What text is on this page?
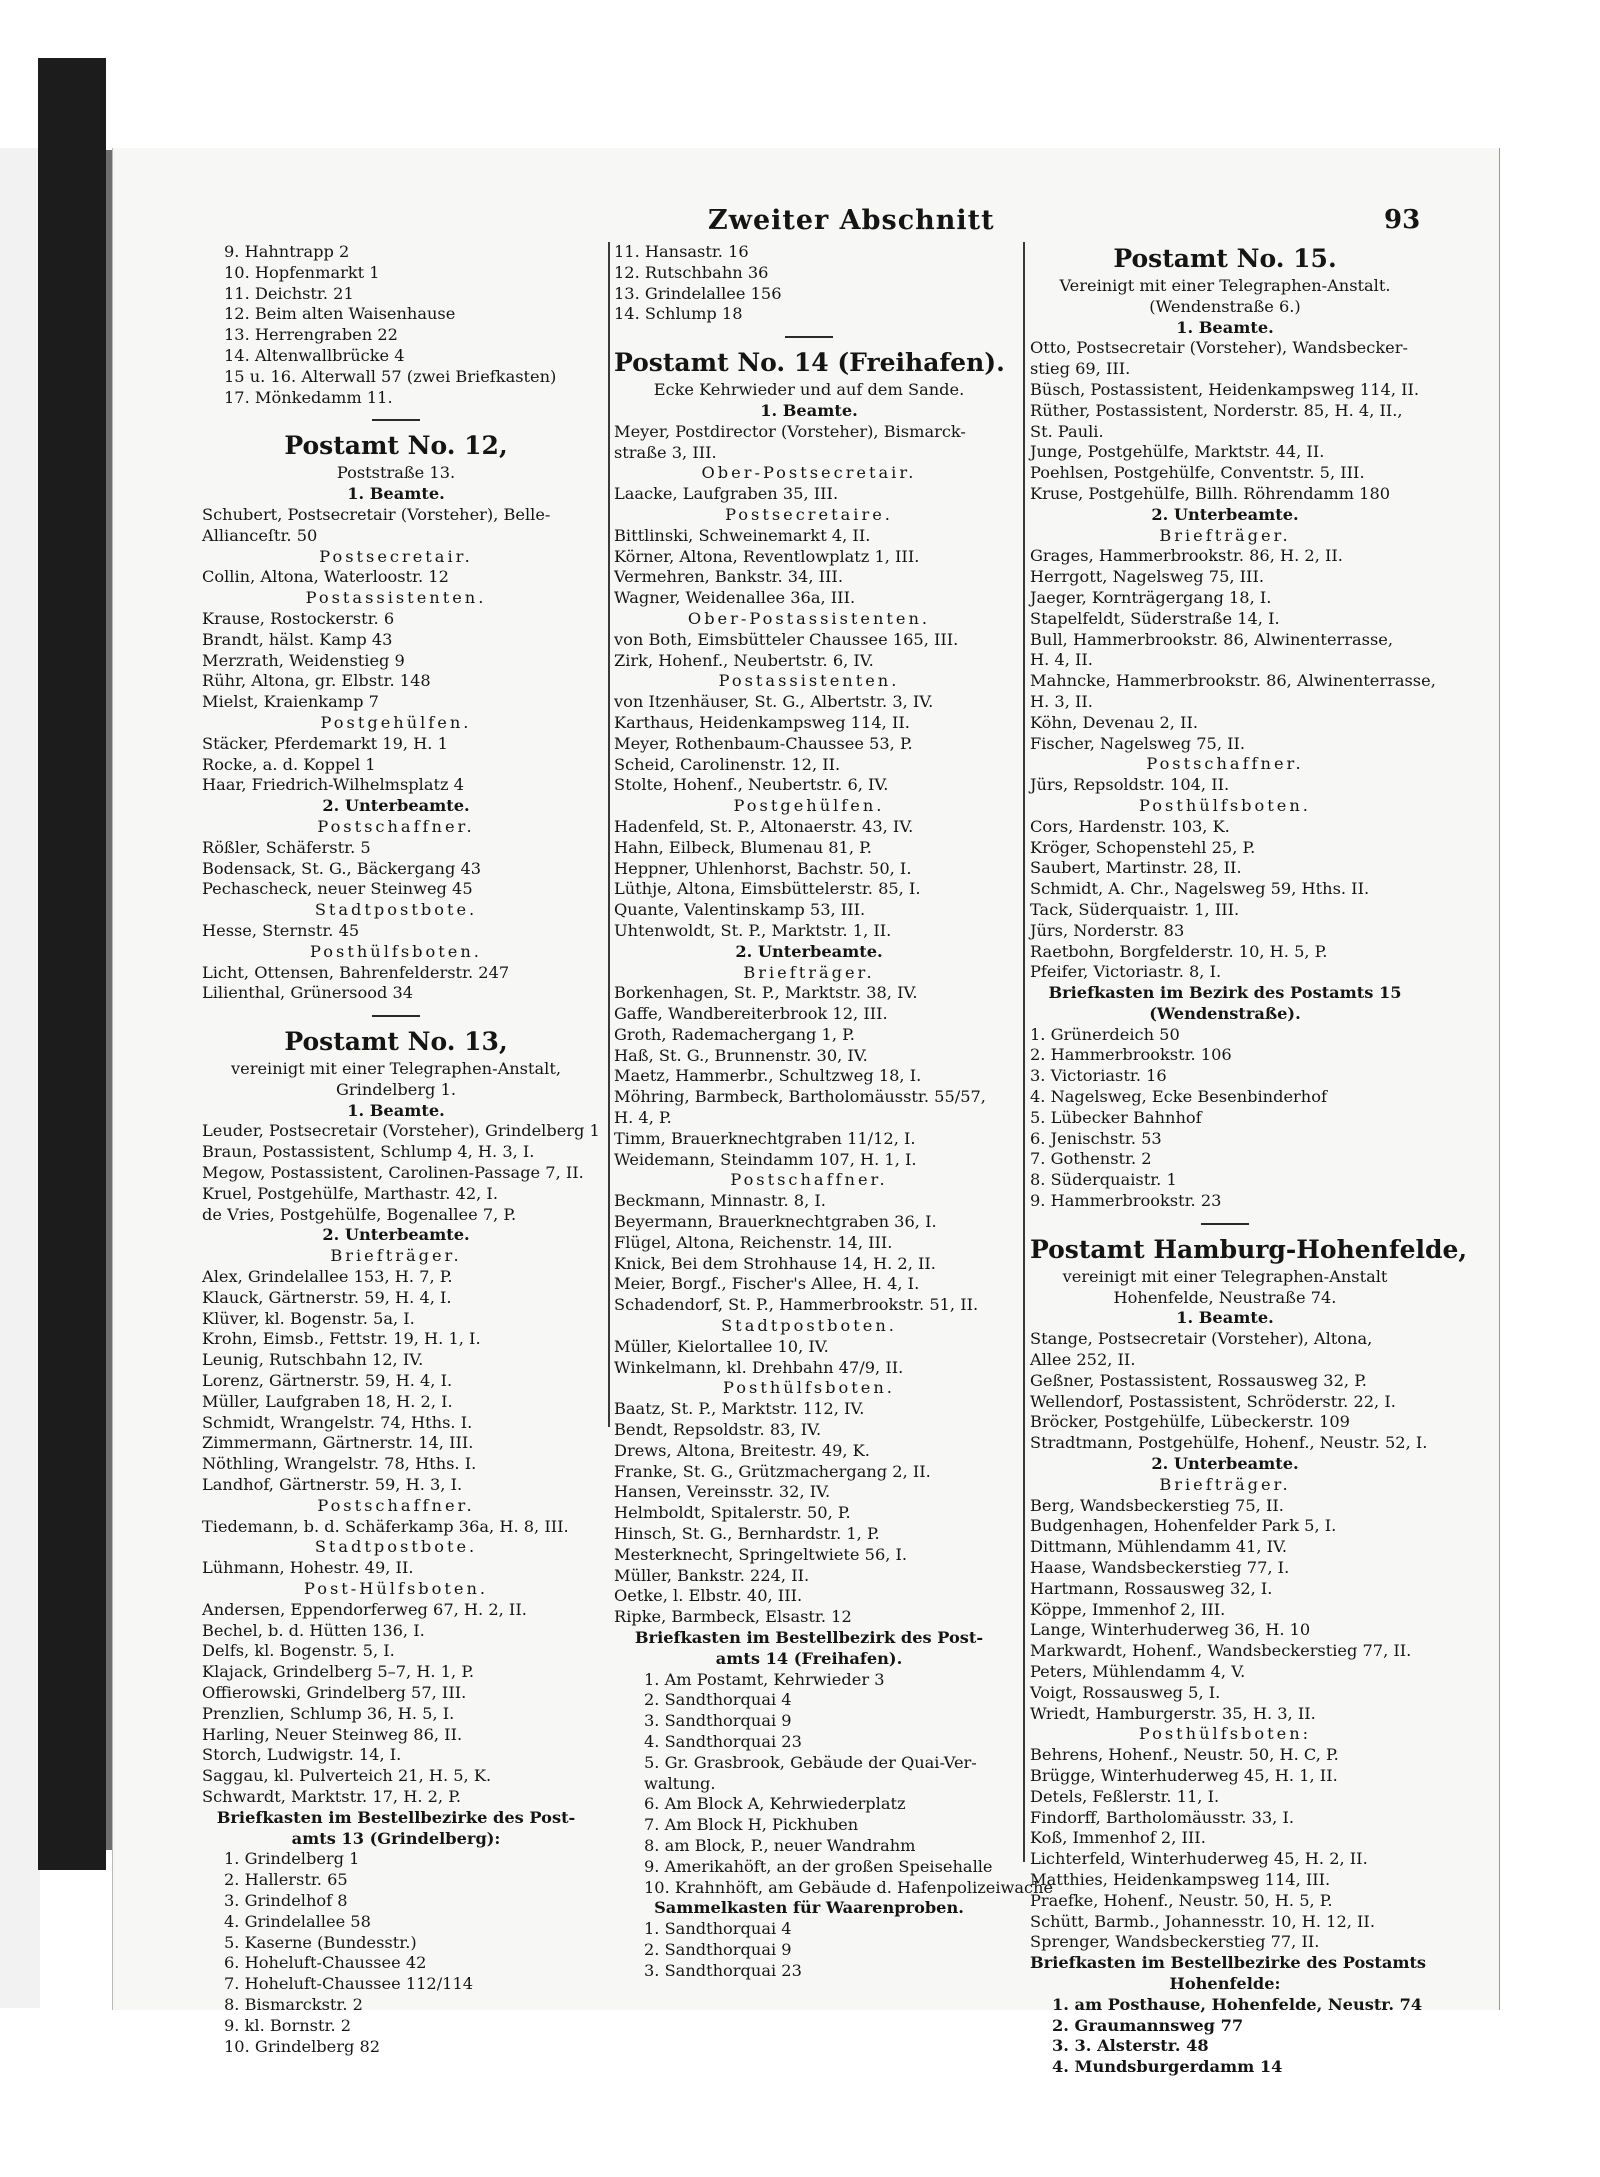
Zweiter Abschnitt	93
9. Hahntrapp 2
10. Hopfenmarkt 1
11. Deichstr. 21
12. Beim alten Waisenhause
13. Herrengraben 22
14. Altenwallbrücke 4
15 u. 16. Alterwall 57 (zwei Briefkasten)
17. Mönkedamm 11.
Postamt No. 12,
Poststraße 13.
1. Beamte.
Schubert, Postsecretair (Vorsteher), Belle-
Allianceſtr. 50
Postsecretair.
Collin, Altona, Waterloostr. 12
Postassistenten.
Krause, Rostockerstr. 6
Brandt, hälst. Kamp 43
Merzrath, Weidenstieg 9
Rühr, Altona, gr. Elbstr. 148
Mielst, Kraienkamp 7
Postgehülfen.
Stäcker, Pferdemarkt 19, H. 1
Rocke, a. d. Koppel 1
Haar, Friedrich-Wilhelmsplatz 4
2. Unterbeamte.
Postschaffner.
Rößler, Schäferstr. 5
Bodensack, St. G., Bäckergang 43
Pechascheck, neuer Steinweg 45
Stadtpostbote.
Hesse, Sternstr. 45
Posthülfsboten.
Licht, Ottensen, Bahrenfelderstr. 247
Lilienthal, Grünersood 34
Postamt No. 13,
vereinigt mit einer Telegraphen-Anstalt,
Grindelberg 1.
1. Beamte.
Leuder, Postsecretair (Vorsteher), Grindelberg 1
Braun, Postassistent, Schlump 4, H. 3, I.
Megow, Postassistent, Carolinen-Passage 7, II.
Kruel, Postgehülfe, Marthastr. 42, I.
de Vries, Postgehülfe, Bogenallee 7, P.
2. Unterbeamte.
Briefträger.
Alex, Grindelallee 153, H. 7, P.
Klauck, Gärtnerstr. 59, H. 4, I.
Klüver, kl. Bogenstr. 5a, I.
Krohn, Eimsb., Fettstr. 19, H. 1, I.
Leunig, Rutschbahn 12, IV.
Lorenz, Gärtnerstr. 59, H. 4, I.
Müller, Laufgraben 18, H. 2, I.
Schmidt, Wrangelstr. 74, Hths. I.
Zimmermann, Gärtnerstr. 14, III.
Nöthling, Wrangelstr. 78, Hths. I.
Landhof, Gärtnerstr. 59, H. 3, I.
Postschaffner.
Tiedemann, b. d. Schäferkamp 36a, H. 8, III.
Stadtpostbote.
Lühmann, Hohestr. 49, II.
Post-Hülfsboten.
Andersen, Eppendorferweg 67, H. 2, II.
Bechel, b. d. Hütten 136, I.
Delfs, kl. Bogenstr. 5, I.
Klajack, Grindelberg 5–7, H. 1, P.
Offierowski, Grindelberg 57, III.
Prenzlien, Schlump 36, H. 5, I.
Harling, Neuer Steinweg 86, II.
Storch, Ludwigstr. 14, I.
Saggau, kl. Pulverteich 21, H. 5, K.
Schwardt, Marktstr. 17, H. 2, P.
Briefkasten im Bestellbezirke des Post-
amts 13 (Grindelberg):
1. Grindelberg 1
2. Hallerstr. 65
3. Grindelhof 8
4. Grindelallee 58
5. Kaserne (Bundesstr.)
6. Hoheluft-Chaussee 42
7. Hoheluft-Chaussee 112/114
8. Bismarckstr. 2
9. kl. Bornstr. 2
10. Grindelberg 82
11. Hansastr. 16
12. Rutschbahn 36
13. Grindelallee 156
14. Schlump 18
Postamt No. 14 (Freihafen).
Ecke Kehrwieder und auf dem Sande.
1. Beamte.
Meyer, Postdirector (Vorsteher), Bismarck-
straße 3, III.
Ober-Postsecretair.
Laacke, Laufgraben 35, III.
Postsecretaire.
Bittlinski, Schweinemarkt 4, II.
Körner, Altona, Reventlowplatz 1, III.
Vermehren, Bankstr. 34, III.
Wagner, Weidenallee 36a, III.
Ober-Postassistenten.
von Both, Eimsbütteler Chaussee 165, III.
Zirk, Hohenf., Neubertstr. 6, IV.
Postassistenten.
von Itzenhäuser, St. G., Albertstr. 3, IV.
Karthaus, Heidenkampsweg 114, II.
Meyer, Rothenbaum-Chaussee 53, P.
Scheid, Carolinenstr. 12, II.
Stolte, Hohenf., Neubertstr. 6, IV.
Postgehülfen.
Hadenfeld, St. P., Altonaerstr. 43, IV.
Hahn, Eilbeck, Blumenau 81, P.
Heppner, Uhlenhorst, Bachstr. 50, I.
Lüthje, Altona, Eimsbüttelerstr. 85, I.
Quante, Valentinskamp 53, III.
Uhtenwoldt, St. P., Marktstr. 1, II.
2. Unterbeamte.
Briefträger.
Borkenhagen, St. P., Marktstr. 38, IV.
Gaffe, Wandbereiterbrook 12, III.
Groth, Rademachergang 1, P.
Haß, St. G., Brunnenstr. 30, IV.
Maetz, Hammerbr., Schultzweg 18, I.
Möhring, Barmbeck, Bartholomäusstr. 55/57,
H. 4, P.
Timm, Brauerknechtgraben 11/12, I.
Weidemann, Steindamm 107, H. 1, I.
Postschaffner.
Beckmann, Minnastr. 8, I.
Beyermann, Brauerknechtgraben 36, I.
Flügel, Altona, Reichenstr. 14, III.
Knick, Bei dem Strohhause 14, H. 2, II.
Meier, Borgf., Fischer's Allee, H. 4, I.
Schadendorf, St. P., Hammerbrookstr. 51, II.
Stadtpostboten.
Müller, Kielortallee 10, IV.
Winkelmann, kl. Drehbahn 47/9, II.
Posthülfsboten.
Baatz, St. P., Marktstr. 112, IV.
Bendt, Repsoldstr. 83, IV.
Drews, Altona, Breitestr. 49, K.
Franke, St. G., Grützmachergang 2, II.
Hansen, Vereinsstr. 32, IV.
Helmboldt, Spitalerstr. 50, P.
Hinsch, St. G., Bernhardstr. 1, P.
Mesterknecht, Springeltwiete 56, I.
Müller, Bankstr. 224, II.
Oetke, l. Elbstr. 40, III.
Ripke, Barmbeck, Elsastr. 12
Briefkasten im Bestellbezirk des Post-
amts 14 (Freihafen).
1. Am Postamt, Kehrwieder 3
2. Sandthorquai 4
3. Sandthorquai 9
4. Sandthorquai 23
5. Gr. Grasbrook, Gebäude der Quai-Ver-
waltung.
6. Am Block A, Kehrwiederplatz
7. Am Block H, Pickhuben
8. am Block, P., neuer Wandrahm
9. Amerikahöft, an der großen Speisehalle
10. Krahnhöft, am Gebäude d. Hafenpolizeiwache
Sammelkasten für Waarenproben.
1. Sandthorquai 4
2. Sandthorquai 9
3. Sandthorquai 23
Postamt No. 15.
Vereinigt mit einer Telegraphen-Anstalt.
(Wendenstraße 6.)
1. Beamte.
Otto, Postsecretair (Vorsteher), Wandsbecker-
stieg 69, III.
Büsch, Postassistent, Heidenkampsweg 114, II.
Rüther, Postassistent, Norderstr. 85, H. 4, II.,
St. Pauli.
Junge, Postgehülfe, Marktstr. 44, II.
Poehlsen, Postgehülfe, Conventstr. 5, III.
Kruse, Postgehülfe, Billh. Röhrendamm 180
2. Unterbeamte.
Briefträger.
Grages, Hammerbrookstr. 86, H. 2, II.
Herrgott, Nagelsweg 75, III.
Jaeger, Kornträgergang 18, I.
Stapelfeldt, Süderstraße 14, I.
Bull, Hammerbrookstr. 86, Alwinenterrasse,
H. 4, II.
Mahncke, Hammerbrookstr. 86, Alwinenterrasse,
H. 3, II.
Köhn, Devenau 2, II.
Fischer, Nagelsweg 75, II.
Postschaffner.
Jürs, Repsoldstr. 104, II.
Posthülfsboten.
Cors, Hardenstr. 103, K.
Kröger, Schopenstehl 25, P.
Saubert, Martinstr. 28, II.
Schmidt, A. Chr., Nagelsweg 59, Hths. II.
Tack, Süderquaistr. 1, III.
Jürs, Norderstr. 83
Raetbohn, Borgfelderstr. 10, H. 5, P.
Pfeifer, Victoriastr. 8, I.
Briefkasten im Bezirk des Postamts 15
(Wendenstraße).
1. Grünerdeich 50
2. Hammerbrookstr. 106
3. Victoriastr. 16
4. Nagelsweg, Ecke Besenbinderhof
5. Lübecker Bahnhof
6. Jenischstr. 53
7. Gothenstr. 2
8. Süderquaistr. 1
9. Hammerbrookstr. 23
Postamt Hamburg-Hohenfelde,
vereinigt mit einer Telegraphen-Anstalt
Hohenfelde, Neustraße 74.
1. Beamte.
Stange, Postsecretair (Vorsteher), Altona,
Allee 252, II.
Geßner, Postassistent, Rossausweg 32, P.
Wellendorf, Postassistent, Schröderstr. 22, I.
Bröcker, Postgehülfe, Lübeckerstr. 109
Stradtmann, Postgehülfe, Hohenf., Neustr. 52, I.
2. Unterbeamte.
Briefträger.
Berg, Wandsbeckerstieg 75, II.
Budgenhagen, Hohenfelder Park 5, I.
Dittmann, Mühlendamm 41, IV.
Haase, Wandsbeckerstieg 77, I.
Hartmann, Rossausweg 32, I.
Köppe, Immenhof 2, III.
Lange, Winterhuderweg 36, H. 10
Markwardt, Hohenf., Wandsbeckerstieg 77, II.
Peters, Mühlendamm 4, V.
Voigt, Rossausweg 5, I.
Wriedt, Hamburgerstr. 35, H. 3, II.
Posthülfsboten:
Behrens, Hohenf., Neustr. 50, H. C, P.
Brügge, Winterhuderweg 45, H. 1, II.
Detels, Feßlerstr. 11, I.
Findorff, Bartholomäusstr. 33, I.
Koß, Immenhof 2, III.
Lichterfeld, Winterhuderweg 45, H. 2, II.
Matthies, Heidenkampsweg 114, III.
Praefke, Hohenf., Neustr. 50, H. 5, P.
Schütt, Barmb., Johannesstr. 10, H. 12, II.
Sprenger, Wandsbeckerstieg 77, II.
Briefkasten im Bestellbezirke des Postamts
Hohenfelde:
1. am Posthause, Hohenfelde, Neustr. 74
2. Graumannsweg 77
3. 3. Alsterstr. 48
4. Mundsburgerdamm 14
